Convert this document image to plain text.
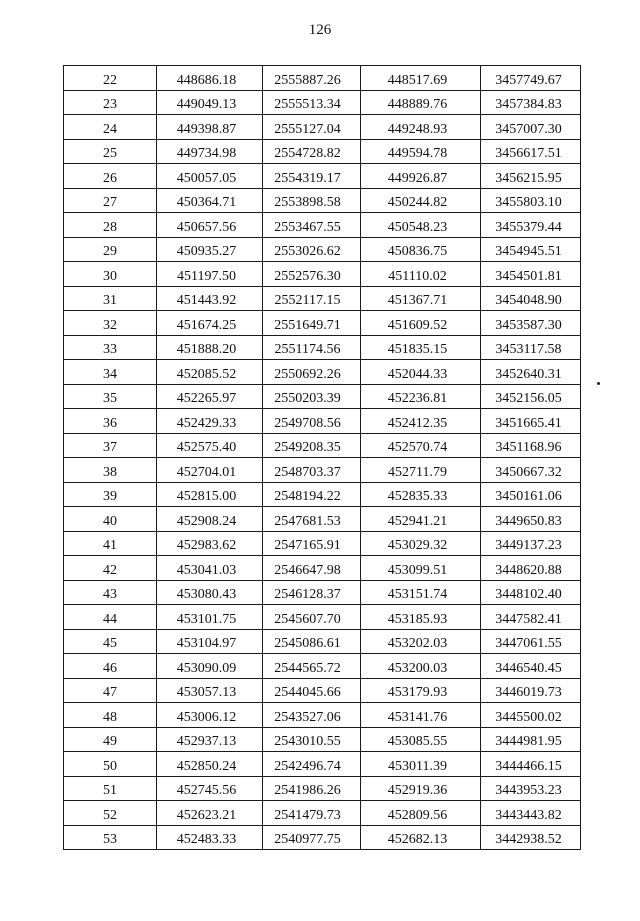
126
22	448686.18	2555887.26	448517.69	3457749.67
23	449049.13	2555513.34	448889.76	3457384.83
24	449398.87	2555127.04	449248.93	3457007.30
25	449734.98	2554728.82	449594.78	3456617.51
26	450057.05	2554319.17	449926.87	3456215.95
27	450364.71	2553898.58	450244.82	3455803.10
28	450657.56	2553467.55	450548.23	3455379.44
29	450935.27	2553026.62	450836.75	3454945.51
30	451197.50	2552576.30	451110.02	3454501.81
31	451443.92	2552117.15	451367.71	3454048.90
32	451674.25	2551649.71	451609.52	3453587.30
33	451888.20	2551174.56	451835.15	3453117.58
34	452085.52	2550692.26	452044.33	3452640.31
35	452265.97	2550203.39	452236.81	3452156.05
36	452429.33	2549708.56	452412.35	3451665.41
37	452575.40	2549208.35	452570.74	3451168.96
38	452704.01	2548703.37	452711.79	3450667.32
39	452815.00	2548194.22	452835.33	3450161.06
40	452908.24	2547681.53	452941.21	3449650.83
41	452983.62	2547165.91	453029.32	3449137.23
42	453041.03	2546647.98	453099.51	3448620.88
43	453080.43	2546128.37	453151.74	3448102.40
44	453101.75	2545607.70	453185.93	3447582.41
45	453104.97	2545086.61	453202.03	3447061.55
46	453090.09	2544565.72	453200.03	3446540.45
47	453057.13	2544045.66	453179.93	3446019.73
48	453006.12	2543527.06	453141.76	3445500.02
49	452937.13	2543010.55	453085.55	3444981.95
50	452850.24	2542496.74	453011.39	3444466.15
51	452745.56	2541986.26	452919.36	3443953.23
52	452623.21	2541479.73	452809.56	3443443.82
53	452483.33	2540977.75	452682.13	3442938.52
